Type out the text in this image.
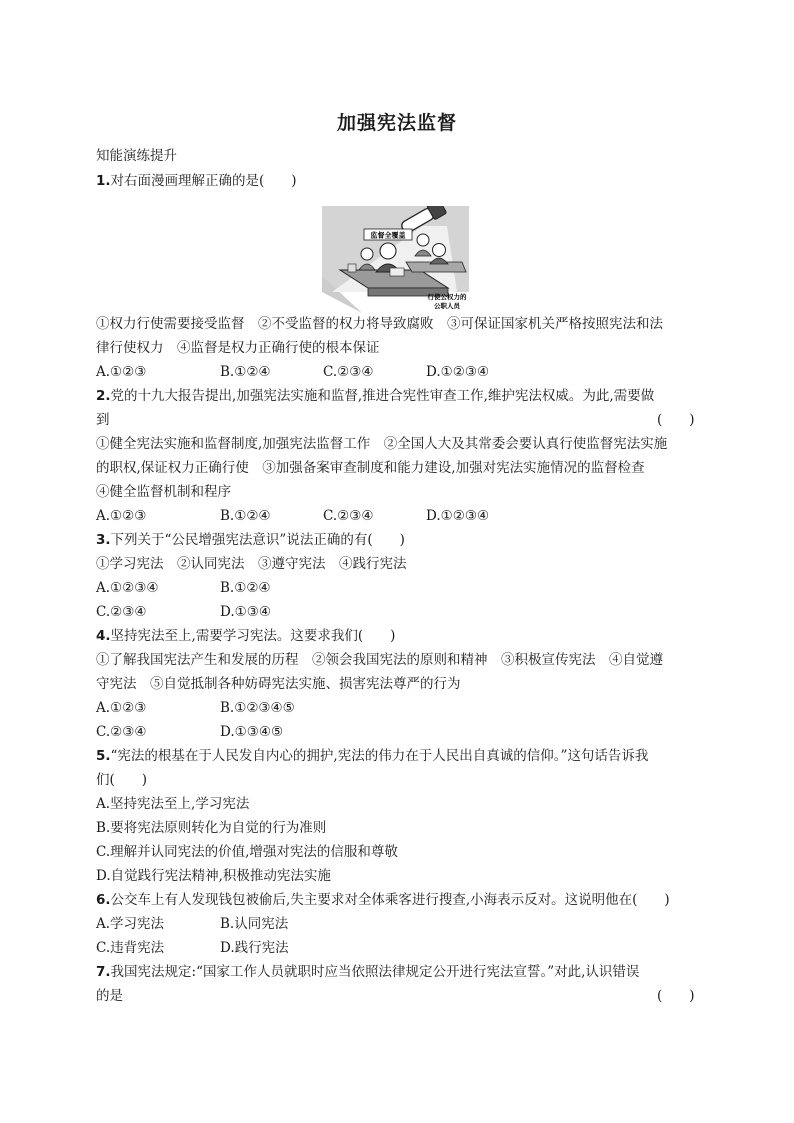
加强宪法监督
知能演练提升
1.对右面漫画理解正确的是(　　)
监督全覆盖
行使公权力的
公职人员
①权力行使需要接受监督　②不受监督的权力将导致腐败　③可保证国家机关严格按照宪法和法
律行使权力　④监督是权力正确行使的根本保证
A.①②③	B.①②④	C.②③④	D.①②③④
2.党的十九大报告提出,加强宪法实施和监督,推进合宪性审查工作,维护宪法权威。为此,需要做
到	(　　)
①健全宪法实施和监督制度,加强宪法监督工作　②全国人大及其常委会要认真行使监督宪法实施
的职权,保证权力正确行使　③加强备案审查制度和能力建设,加强对宪法实施情况的监督检查
④健全监督机制和程序
A.①②③	B.①②④	C.②③④	D.①②③④
3.下列关于“公民增强宪法意识”说法正确的有(　　)
①学习宪法　②认同宪法　③遵守宪法　④践行宪法
A.①②③④	B.①②④
C.②③④	D.①③④
4.坚持宪法至上,需要学习宪法。这要求我们(　　)
①了解我国宪法产生和发展的历程　②领会我国宪法的原则和精神　③积极宣传宪法　④自觉遵
守宪法　⑤自觉抵制各种妨碍宪法实施、损害宪法尊严的行为
A.①②③	B.①②③④⑤
C.②③④	D.①③④⑤
5.“宪法的根基在于人民发自内心的拥护,宪法的伟力在于人民出自真诚的信仰。”这句话告诉我
们(　　)
A.坚持宪法至上,学习宪法
B.要将宪法原则转化为自觉的行为准则
C.理解并认同宪法的价值,增强对宪法的信服和尊敬
D.自觉践行宪法精神,积极推动宪法实施
6.公交车上有人发现钱包被偷后,失主要求对全体乘客进行搜查,小海表示反对。这说明他在(　　)
A.学习宪法	B.认同宪法
C.违背宪法	D.践行宪法
7.我国宪法规定:“国家工作人员就职时应当依照法律规定公开进行宪法宣誓。”对此,认识错误
的是	(　　)
